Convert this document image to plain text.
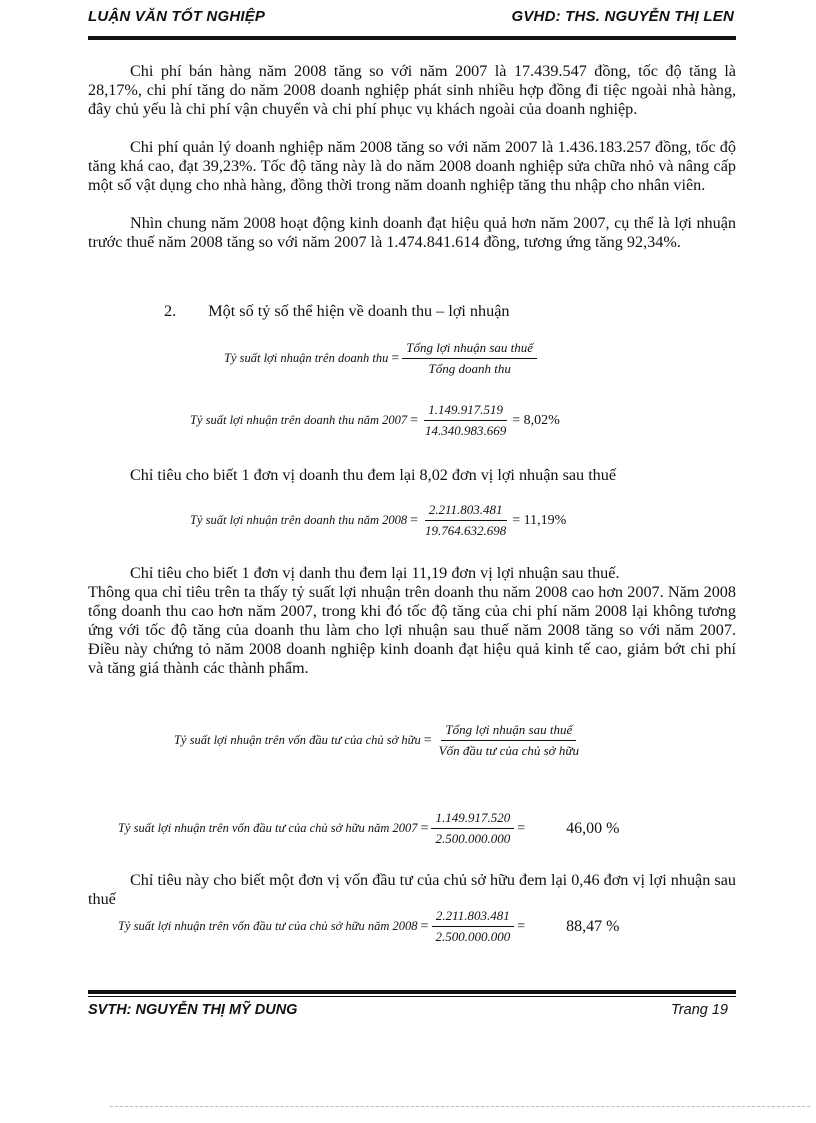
LUẬN VĂN TỐT NGHIỆP	GVHD: THS. NGUYỄN THỊ LEN
Chi phí bán hàng năm 2008 tăng so với năm 2007 là 17.439.547 đồng, tốc độ tăng là 28,17%, chi phí tăng do năm 2008 doanh nghiệp phát sinh nhiều hợp đồng đi tiệc ngoài nhà hàng, đây chủ yếu là chi phí vận chuyển và chi phí phục vụ khách ngoài của doanh nghiệp.
Chi phí quản lý doanh nghiệp năm 2008 tăng so với năm 2007 là 1.436.183.257 đồng, tốc độ tăng khá cao, đạt 39,23%. Tốc độ tăng này là do năm 2008 doanh nghiệp sửa chữa nhỏ và nâng cấp một số vật dụng cho nhà hàng, đồng thời trong năm doanh nghiệp tăng thu nhập cho nhân viên.
Nhìn chung năm 2008 hoạt động kinh doanh đạt hiệu quả hơn năm 2007, cụ thể là lợi nhuận trước thuế năm 2008 tăng so với năm 2007 là 1.474.841.614 đồng, tương ứng tăng 92,34%.
2. Một số tỷ số thể hiện về doanh thu – lợi nhuận
Tỷ suất lợi nhuận trên doanh thu = $\frac{\text{Tổng lợi nhuận sau thuế}}{\text{Tổng doanh thu}}$
Tỷ suất lợi nhuận trên doanh thu năm $2007 = \frac{1.149.917.519}{14.340.983.669} = 8,02\%$
Chỉ tiêu cho biết 1 đơn vị doanh thu đem lại 8,02 đơn vị lợi nhuận sau thuế
Tỷ suất lợi nhuận trên doanh thu năm $2008 = \frac{2.211.803.481}{19.764.632.698} = 11,19\%$
Chỉ tiêu cho biết 1 đơn vị danh thu đem lại 11,19 đơn vị lợi nhuận sau thuế.
Thông qua chỉ tiêu trên ta thấy tỷ suất lợi nhuận trên doanh thu năm 2008 cao hơn 2007. Năm 2008 tổng doanh thu cao hơn năm 2007, trong khi đó tốc độ tăng của chi phí năm 2008 lại không tương ứng với tốc độ tăng của doanh thu làm cho lợi nhuận sau thuế năm 2008 tăng so với năm 2007. Điều này chứng tỏ năm 2008 doanh nghiệp kinh doanh đạt hiệu quả kinh tế cao, giảm bớt chi phí và tăng giá thành các thành phẩm.
Tỷ suất lợi nhuận trên vốn đầu tư của chủ sở hữu = $\frac{\text{Tổng lợi nhuận sau thuế}}{\text{Vốn đầu tư của chủ sở hữu}}$
Tỷ suất lợi nhuận trên vốn đầu tư của chủ sở hữu năm $2007 = \frac{1.149.917.520}{2.500.000.000}$ =	46,00 %
Chỉ tiêu này cho biết một đơn vị vốn đầu tư của chủ sở hữu đem lại 0,46 đơn vị lợi nhuận sau thuế
Tỷ suất lợi nhuận trên vốn đầu tư của chủ sở hữu năm $2008 = \frac{2.211.803.481}{2.500.000.000}$ =	88,47 %
SVTH: NGUYỄN THỊ MỸ DUNG	Trang 19
